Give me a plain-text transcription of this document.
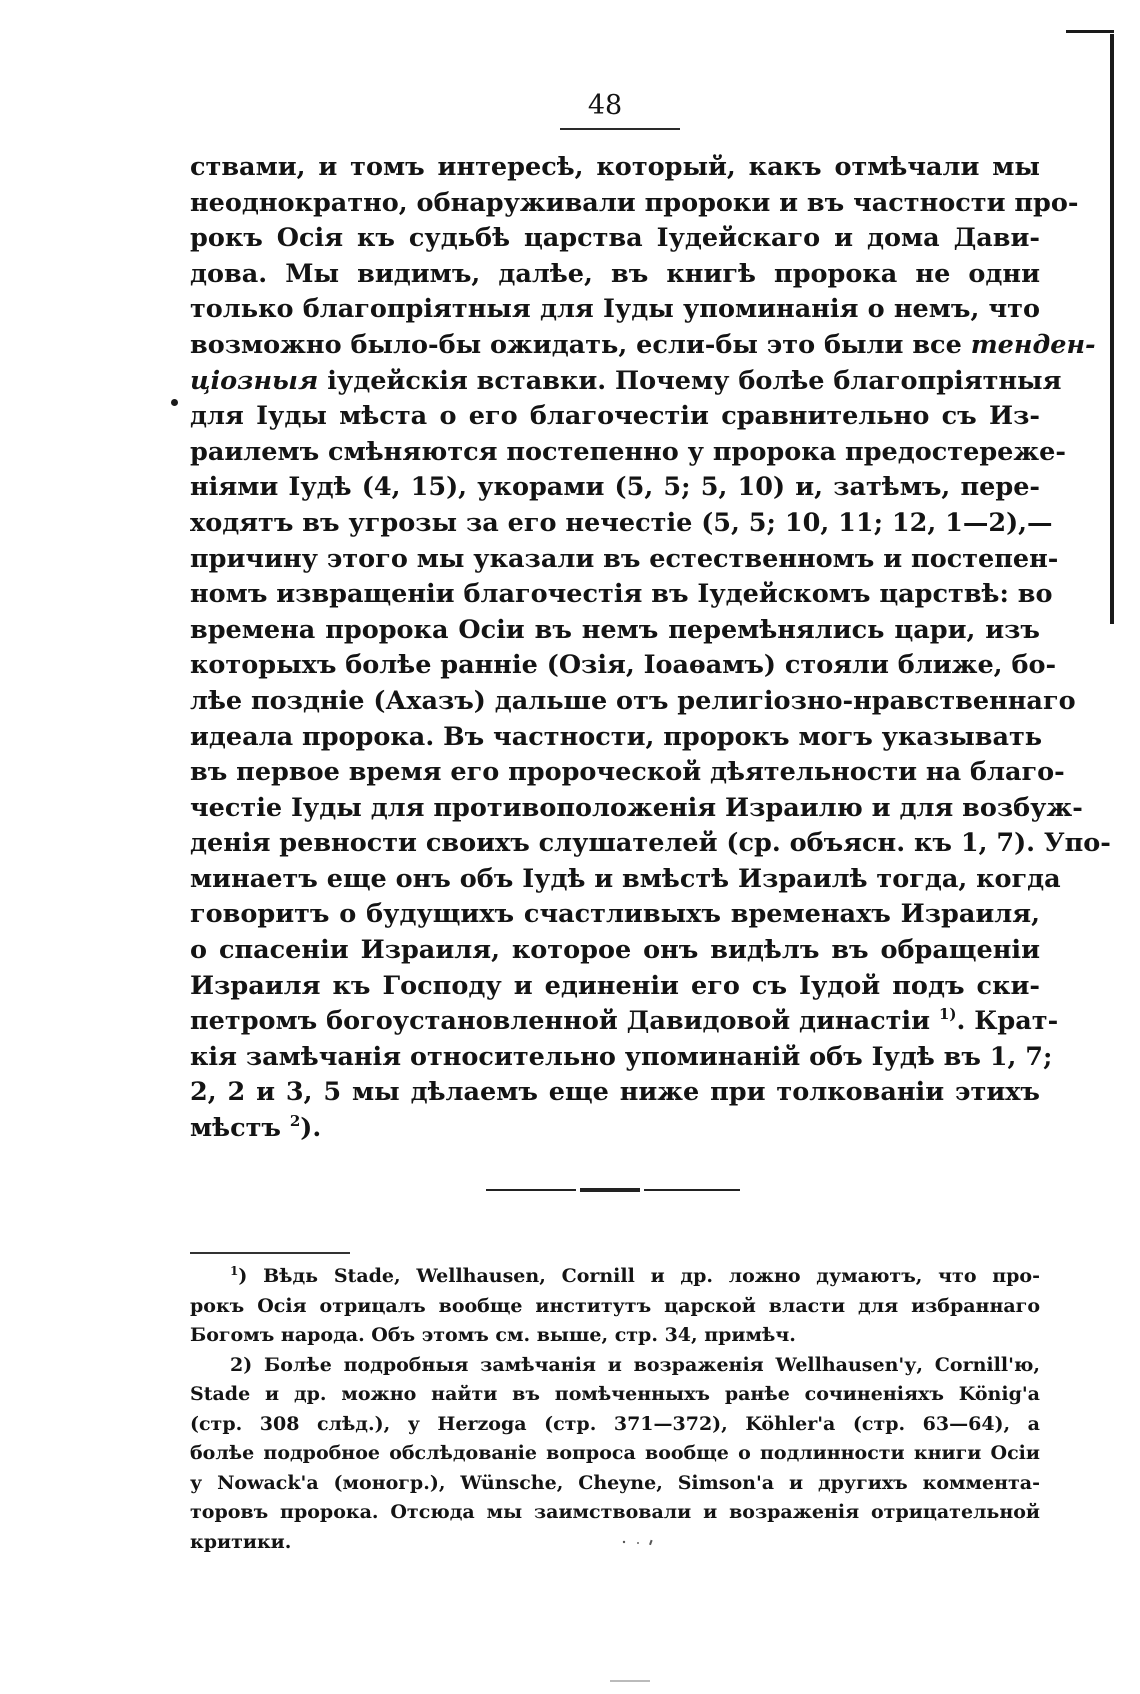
48
ствами, и томъ интересѣ, который, какъ отмѣчали мы
неоднократно, обнаруживали пророки и въ частности про-
рокъ Осія къ судьбѣ царства Іудейскаго и дома Дави-
дова. Мы видимъ, далѣе, въ книгѣ пророка не одни
только благопріятныя для Іуды упоминанія о немъ, что
возможно было-бы ожидать, если-бы это были все тенден-
ціозныя іудейскія вставки. Почему болѣе благопріятныя
для Іуды мѣста о его благочестіи сравнительно съ Из-
раилемъ смѣняются постепенно у пророка предостереже-
ніями Іудѣ (4, 15), укорами (5, 5; 5, 10) и, затѣмъ, пере-
ходятъ въ угрозы за его нечестіе (5, 5; 10, 11; 12, 1—2),—
причину этого мы указали въ естественномъ и постепен-
номъ извращеніи благочестія въ Іудейскомъ царствѣ: во
времена пророка Осіи въ немъ перемѣнялись цари, изъ
которыхъ болѣе ранніе (Озія, Іоаѳамъ) стояли ближе, бо-
лѣе поздніе (Ахазъ) дальше отъ религіозно-нравственнаго
идеала пророка. Въ частности, пророкъ могъ указывать
въ первое время его пророческой дѣятельности на благо-
честіе Іуды для противоположенія Израилю и для возбуж-
денія ревности своихъ слушателей (ср. объясн. къ 1, 7). Упо-
минаетъ еще онъ объ Іудѣ и вмѣстѣ Израилѣ тогда, когда
говоритъ о будущихъ счастливыхъ временахъ Израиля,
о спасеніи Израиля, которое онъ видѣлъ въ обращеніи
Израиля къ Господу и единеніи его съ Іудой подъ ски-
петромъ богоустановленной Давидовой династіи $^{1)}$. Крат-
кія замѣчанія относительно упоминаній объ Іудѣ въ 1, 7;
2, 2 и 3, 5 мы дѣлаемъ еще ниже при толкованіи этихъ
мѣстъ $^2$).
$^1$) Вѣдь Stade, Wellhausen, Cornill и др. ложно думаютъ, что про-
рокъ Осія отрицалъ вообще институтъ царской власти для избраннаго
Богомъ народа. Объ этомъ см. выше, стр. 34, примѣч.
2) Болѣе подробныя замѣчанія и возраженія Wellhausen'у, Cornill'ю,
Stade и др. можно найти въ помѣченныхъ ранѣе сочиненіяхъ König'a
(стр. 308 слѣд.), у Herzoga (стр. 371—372), Köhler'a (стр. 63—64), а
болѣе подробное обслѣдованіе вопроса вообще о подлинности книги Осіи
у Nowack'a (моногр.), Wünsche, Cheyne, Simson'a и другихъ коммента-
торовъ пророка. Отсюда мы заимствовали и возраженія отрицательной
критики.
